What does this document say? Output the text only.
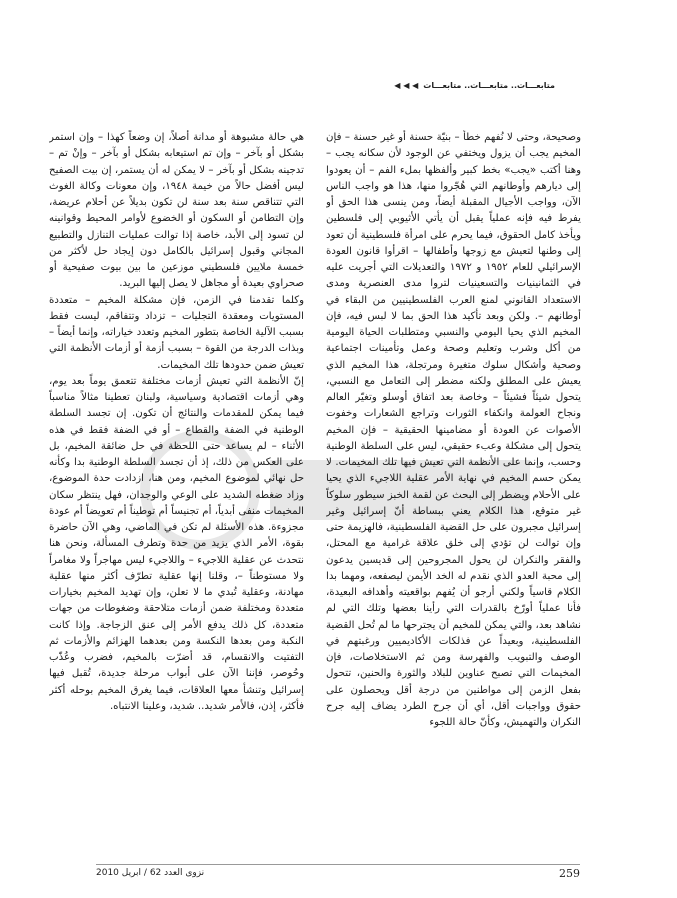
متابعـــات.. متابعـــات.. متابعـــات
◀ ◀ ◀

وصحيحة، وحتى لا نُفهم خطأ – بنيّة حسنة أو غير حسنة – فإن المخيم يجب أن يزول ويختفي عن الوجود لأن سكانه يجب – وهنا أكتب «يجب» بخط كبير وألفظها بملء الفم – أن يعودوا إلى ديارهم وأوطانهم التي هُجّروا منها، هذا هو واجب الناس الآن، وواجب الأجيال المقبلة أيضاً، ومن ينسى هذا الحق أو يفرط فيه فإنه عملياً يقبل أن يأتي الأثيوبي إلى فلسطين ويأخذ كامل الحقوق، فيما يحرم على امرأة فلسطينية أن تعود إلى وطنها لتعيش مع زوجها وأطفالها – اقرأوا قانون العودة الإسرائيلي للعام ١٩٥٢ و ١٩٧٢ والتعديلات التي أجريت عليه في الثمانينيات والتسعينيات لتروا مدى العنصرية ومدى الاستعداد القانوني لمنع العرب الفلسطينيين من البقاء في أوطانهم –. ولكن وبعد تأكيد هذا الحق بما لا لبس فيه، فإن المخيم الذي يحيا اليومي والنسبي ومتطلبات الحياة اليومية من أكل وشرب وتعليم وصحة وعمل وتأمينات اجتماعية وصحية وأشكال سلوك متغيرة ومرتجلة، هذا المخيم الذي يعيش على المطلق ولكنه مضطر إلى التعامل مع النسبي، يتحول شيئاً فشيئاً – وخاصة بعد اتفاق أوسلو وتغيّر العالم ونجاح العولمة وانكفاء الثورات وتراجع الشعارات وخفوت الأصوات عن العودة أو مضامينها الحقيقية – فإن المخيم يتحول إلى مشكلة وعبء حقيقي، ليس على السلطة الوطنية وحسب، وإنما على الأنظمة التي تعيش فيها تلك المخيمات. لا يمكن حسم المخيم في نهاية الأمر عقلية اللاجيء الذي يحيا على الأحلام ويضطر إلى البحث عن لقمة الخبز سيطور سلوكاً غير متوقع، هذا الكلام يعني ببساطة أنّ إسرائيل وغير إسرائيل مجبرون على حل القضية الفلسطينية، فالهزيمة حتى وإن توالت لن تؤدي إلى خلق علاقة غرامية مع المحتل، والفقر والنكران لن يحول المجروحين إلى قديسين يدعون إلى محبة العدو الذي نقدم له الخد الأيمن ليصفعه، ومهما بدا الكلام قاسياً ولكني أرجو أن يُفهم بواقعيته وأهدافه البعيدة، فأنا عملياً أورّخ بالقدرات التي رأينا بعضها وتلك التي لم نشاهد بعد، والتي يمكن للمخيم أن يجترحها ما لم تُحل القضية الفلسطينية، وبعيداً عن فذلكات الأكاديميين ورغبتهم في الوصف والتبويب والفهرسة ومن ثم الاستخلاصات، فإن المخيمات التي تصبح عناوين للبلاد والثورة والحنين، تتحول بفعل الزمن إلى مواطنين من درجة أقل ويحصلون على حقوق وواجبات أقل، أي أن جرح الطرد يضاف إليه جرح النكران والتهميش، وكأنّ حالة اللجوء

هي حالة مشبوهة أو مدانة أصلاً، إن وضعاً كهذا – وإن استمر بشكل أو بآخر – وإن تم استيعابه بشكل أو بآخر – وإنْ تم – تدجينه بشكل أو بآخر – لا يمكن له أن يستمر، إن بيت الصفيح ليس أفضل حالاً من خيمة ١٩٤٨، وإن معونات وكالة الغوث التي تتناقص سنة بعد سنة لن تكون بديلاً عن أحلام عريضة، وإن التطامن أو السكون أو الخضوع لأوامر المحيط وقوانينه لن تسود إلى الأبد، خاصة إذا توالت عمليات التنازل والتطبيع المجاني وقبول إسرائيل بالكامل دون إيجاد حل لأكثر من خمسة ملايين فلسطيني موزعين ما بين بيوت صفيحية أو صحراوي بعيدة أو مجاهل لا يصل إليها البريد.

وكلما تقدمنا في الزمن، فإن مشكلة المخيم – متعددة المستويات ومعقدة التجليات – تزداد وتتفاقم، ليست فقط بسبب الآلية الخاصة بتطور المخيم وتعدد خياراته، وإنما أيضاً – وبذات الدرجة من القوة – بسبب أزمة أو أزمات الأنظمة التي تعيش ضمن حدودها تلك المخيمات.

إنّ الأنظمة التي تعيش أزمات مختلفة تتعمق يوماً بعد يوم، وهي أزمات اقتصادية وسياسية، ولبنان تعطينا مثالاً مناسباً فيما يمكن للمقدمات والنتائج أن تكون. إن تجسد السلطة الوطنية في الضفة والقطاع – أو في الضفة فقط في هذه الأثناء – لم يساعد حتى اللحظة في حل ضائقة المخيم، بل على العكس من ذلك، إذ أن تجسد السلطة الوطنية بدا وكأنه حل نهائي لموضوع المخيم، ومن هنا، ازدادت حدة الموضوع، وزاد ضغطه الشديد على الوعي والوجدان، فهل ينتظر سكان المخيمات منفى أبدياً، أم تجنيساً أم توطيناً أم تعويضاً أم عودة مجزوءة. هذه الأسئلة لم تكن في الماضي، وهي الآن حاضرة بقوة، الأمر الذي يزيد من حدة وتطرف المسألة، ونحن هنا نتحدث عن عقلية اللاجيء – واللاجيء ليس مهاجراً ولا مغامراً ولا مستوطناً –، وقلنا إنها عقلية تطرّف أكثر منها عقلية مهادنة، وعقلية تُبدي ما لا تعلن، وإن تهديد المخيم بخيارات متعددة ومختلفة ضمن أزمات متلاحقة وضغوطات من جهات متعددة، كل ذلك يدفع الأمر إلى عنق الزجاجة. وإذا كانت النكبة ومن بعدها النكسة ومن بعدهما الهزائم والأزمات ثم التفتيت والانقسام، قد أضرّت بالمخيم، فضرب وعُذّب وحُوصر، فإننا الآن على أبواب مرحلة جديدة، تُقبل فيها إسرائيل وتنشأ معها العلاقات، فيما يغرق المخيم بوحله أكثر فأكثر، إذن، فالأمر شديد.. شديد، وعلينا الانتباه.

259
نزوى العدد 62 / ابريل 2010
